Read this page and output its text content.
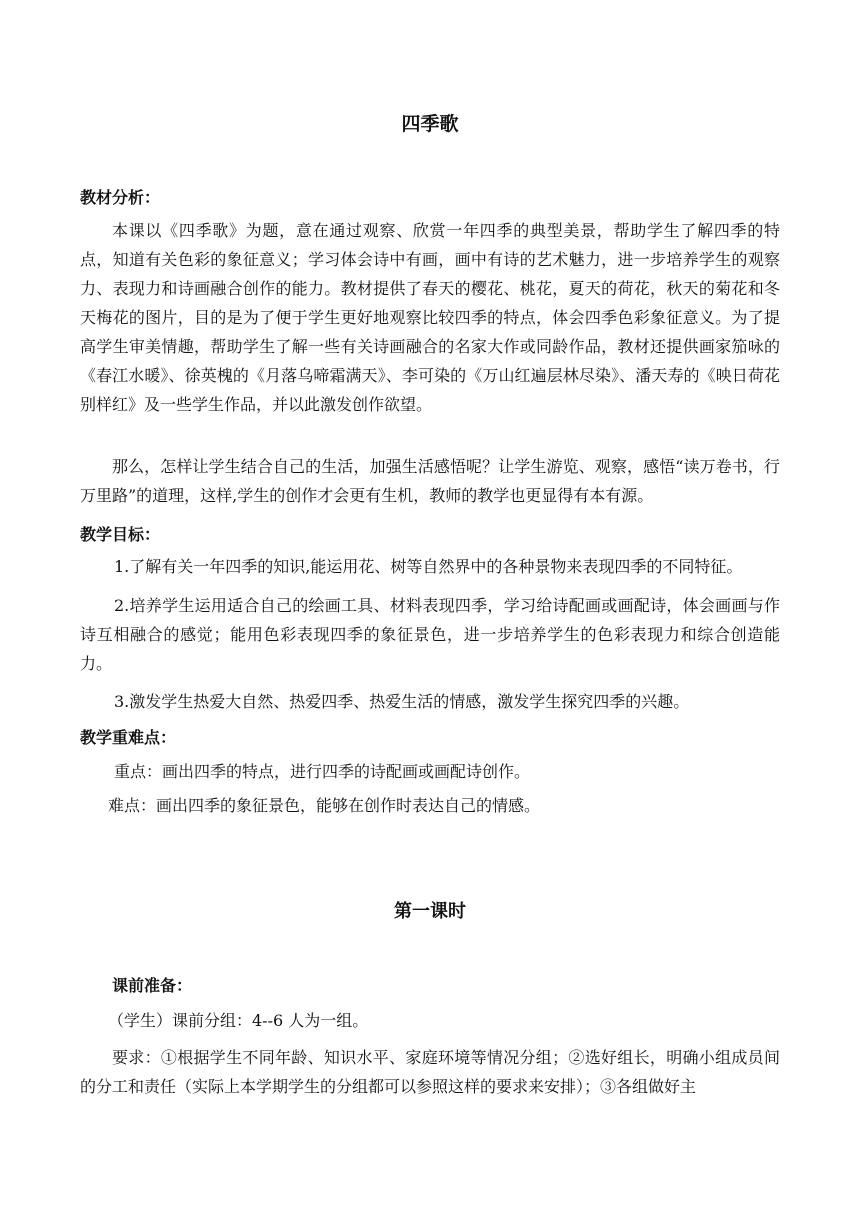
四季歌

教材分析：

本课以《四季歌》为题，意在通过观察、欣赏一年四季的典型美景，帮助学生了解四季的特点，知道有关色彩的象征意义；学习体会诗中有画，画中有诗的艺术魅力，进一步培养学生的观察力、表现力和诗画融合创作的能力。教材提供了春天的樱花、桃花，夏天的荷花，秋天的菊花和冬天梅花的图片，目的是为了便于学生更好地观察比较四季的特点，体会四季色彩象征意义。为了提高学生审美情趣，帮助学生了解一些有关诗画融合的名家大作或同龄作品，教材还提供画家笳咏的《春江水暖》、徐英槐的《月落乌啼霜满天》、李可染的《万山红遍层林尽染》、潘天寿的《映日荷花别样红》及一些学生作品，并以此激发创作欲望。

那么，怎样让学生结合自己的生活，加强生活感悟呢？让学生游览、观察，感悟“读万卷书，行万里路”的道理，这样,学生的创作才会更有生机，教师的教学也更显得有本有源。

教学目标：

1.了解有关一年四季的知识,能运用花、树等自然界中的各种景物来表现四季的不同特征。

2.培养学生运用适合自己的绘画工具、材料表现四季，学习给诗配画或画配诗，体会画画与作诗互相融合的感觉；能用色彩表现四季的象征景色，进一步培养学生的色彩表现力和综合创造能力。

3.激发学生热爱大自然、热爱四季、热爱生活的情感，激发学生探究四季的兴趣。

教学重难点：

重点：画出四季的特点，进行四季的诗配画或画配诗创作。

难点：画出四季的象征景色，能够在创作时表达自己的情感。

第一课时

课前准备：

（学生）课前分组：4--6 人为一组。

要求：①根据学生不同年龄、知识水平、家庭环境等情况分组；②选好组长，明确小组成员间的分工和责任（实际上本学期学生的分组都可以参照这样的要求来安排）；③各组做好主
